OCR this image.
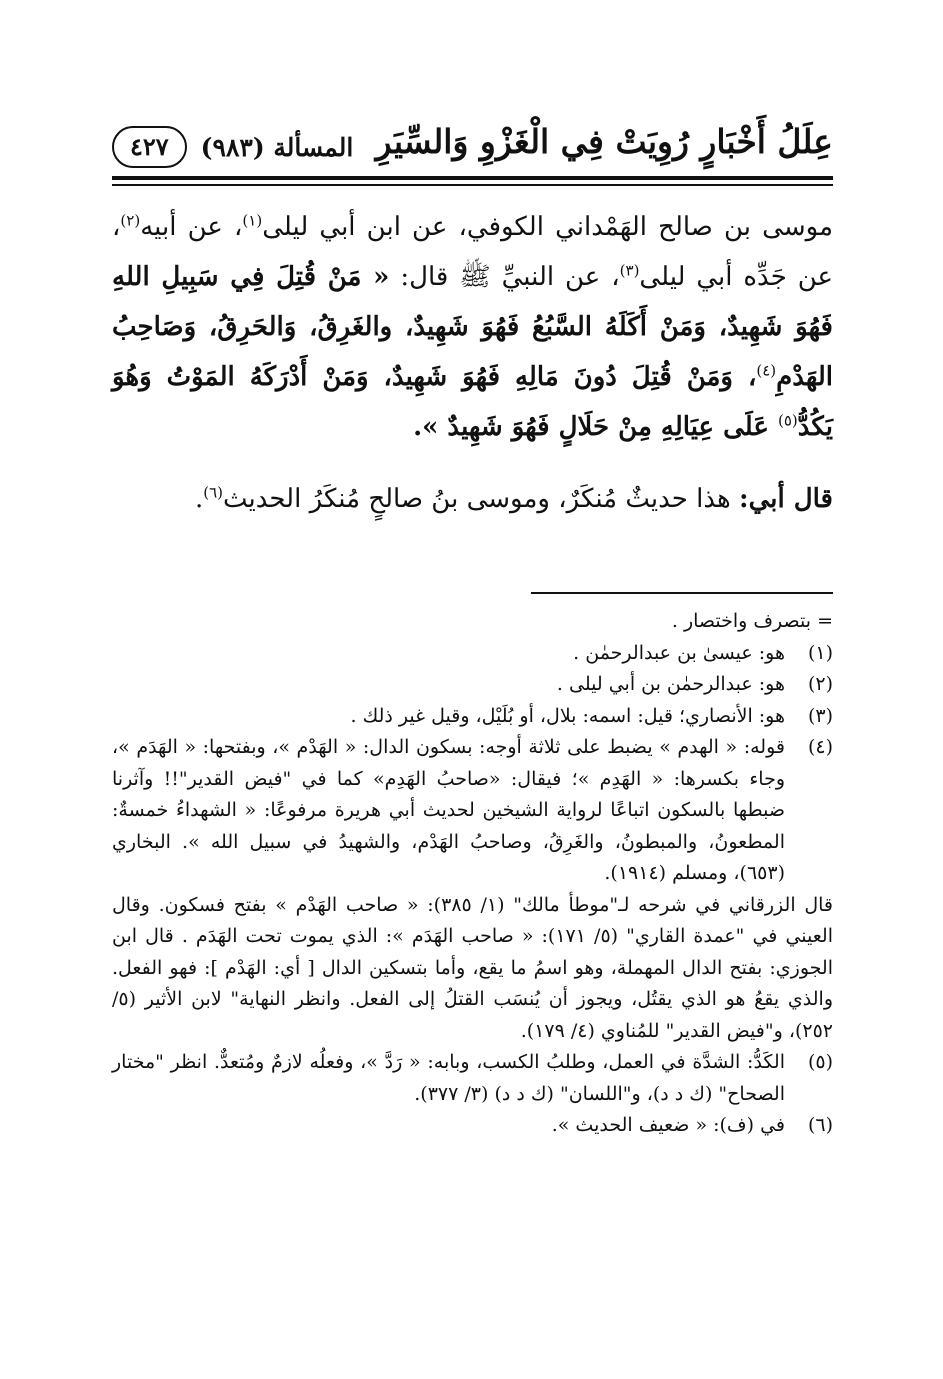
عِلَلُ أَخْبَارٍ رُوِيَتْ فِي الْغَزْوِ وَالسِّيَرِ
المسألة (٩٨٣)
٤٢٧

موسى بن صالح الهَمْداني الكوفي، عن ابن أبي ليلى$^{(١)}$، عن أبيه$^{(٢)}$، عن جَدِّه أبي ليلى$^{(٣)}$، عن النبيِّ ﷺ قال: « مَنْ قُتِلَ فِي سَبِيلِ اللهِ فَهُوَ شَهِيدٌ، وَمَنْ أَكَلَهُ السَّبُعُ فَهُوَ شَهِيدٌ، والغَرِقُ، وَالحَرِقُ، وَصَاحِبُ الهَدْمِ$^{(٤)}$، وَمَنْ قُتِلَ دُونَ مَالِهِ فَهُوَ شَهِيدٌ، وَمَنْ أَدْرَكَهُ المَوْتُ وَهُوَ يَكُدُّ$^{(٥)}$ عَلَى عِيَالِهِ مِنْ حَلَالٍ فَهُوَ شَهِيدٌ ».

قال أبي: هذا حديثٌ مُنكَرٌ، وموسى بنُ صالحٍ مُنكَرُ الحديث$^{(٦)}$.

= بتصرف واختصار .
(١)
هو: عيسىٰ بن عبدالرحمٰن .
(٢)
هو: عبدالرحمٰن بن أبي ليلى .
(٣)
هو: الأنصاري؛ قيل: اسمه: بلال، أو بُلَيْل، وقيل غير ذلك .
(٤)
قوله: « الهدم » يضبط على ثلاثة أوجه: بسكون الدال: « الهَدْم »، وبفتحها: « الهَدَم »، وجاء بكسرها: « الهَدِم »؛ فيقال: «صاحبُ الهَدِم» كما في "فيض القدير"!! وآثرنا ضبطها بالسكون اتباعًا لرواية الشيخين لحديث أبي هريرة مرفوعًا: « الشهداءُ خمسةٌ: المطعونُ، والمبطونُ، والغَرِقُ، وصاحبُ الهَدْم، والشهيدُ في سبيل الله ». البخاري (٦٥٣)، ومسلم (١٩١٤).
قال الزرقاني في شرحه لـ"موطأ مالك" (١/ ٣٨٥): « صاحب الهَدْم » بفتح فسكون. وقال العيني في "عمدة القاري" (٥/ ١٧١): « صاحب الهَدَم »: الذي يموت تحت الهَدَم . قال ابن الجوزي: بفتح الدال المهملة، وهو اسمُ ما يقع، وأما بتسكين الدال [ أي: الهَدْم ]: فهو الفعل. والذي يقعُ هو الذي يقتُل، ويجوز أن يُنسَب القتلُ إلى الفعل. وانظر النهاية" لابن الأثير (٥/ ٢٥٢)، و"فيض القدير" للمُناوي (٤/ ١٧٩).
(٥)
الكَدُّ: الشدَّة في العمل، وطلبُ الكسب، وبابه: « رَدَّ »، وفعلُه لازمٌ ومُتعدٌّ. انظر "مختار الصحاح" (ك د د)، و"اللسان" (ك د د) (٣/ ٣٧٧).
(٦)
في (ف): « ضعيف الحديث ».
